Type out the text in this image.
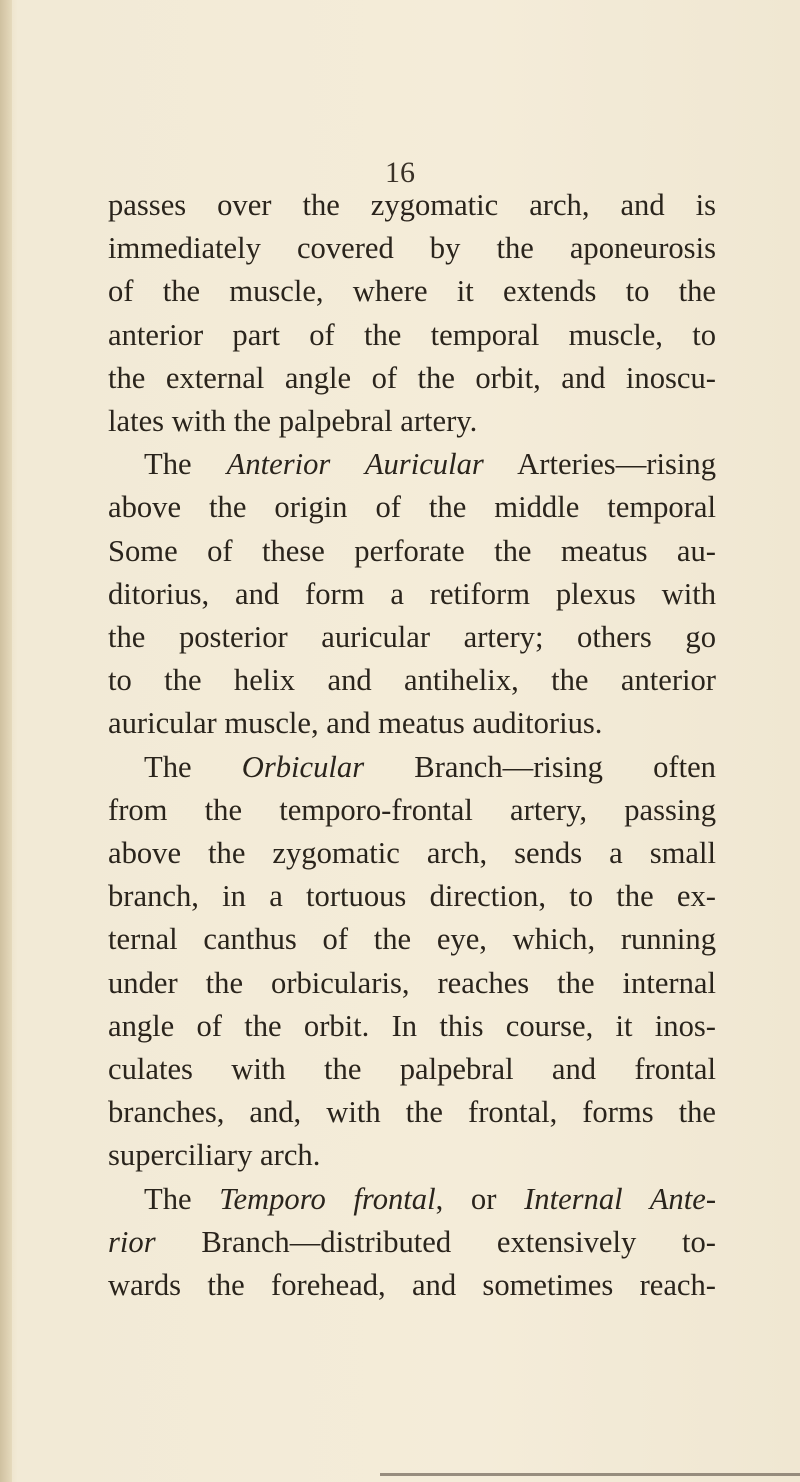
16
passes over the zygomatic arch, and is
immediately covered by the aponeurosis
of the muscle, where it extends to the
anterior part of the temporal muscle, to
the external angle of the orbit, and inoscu-
lates with the palpebral artery.
The Anterior Auricular Arteries—rising
above the origin of the middle temporal
Some of these perforate the meatus au-
ditorius, and form a retiform plexus with
the posterior auricular artery; others go
to the helix and antihelix, the anterior
auricular muscle, and meatus auditorius.
The Orbicular Branch—rising often
from the temporo-frontal artery, passing
above the zygomatic arch, sends a small
branch, in a tortuous direction, to the ex-
ternal canthus of the eye, which, running
under the orbicularis, reaches the internal
angle of the orbit. In this course, it inos-
culates with the palpebral and frontal
branches, and, with the frontal, forms the
superciliary arch.
The Temporo frontal, or Internal Ante-
rior Branch—distributed extensively to-
wards the forehead, and sometimes reach-
